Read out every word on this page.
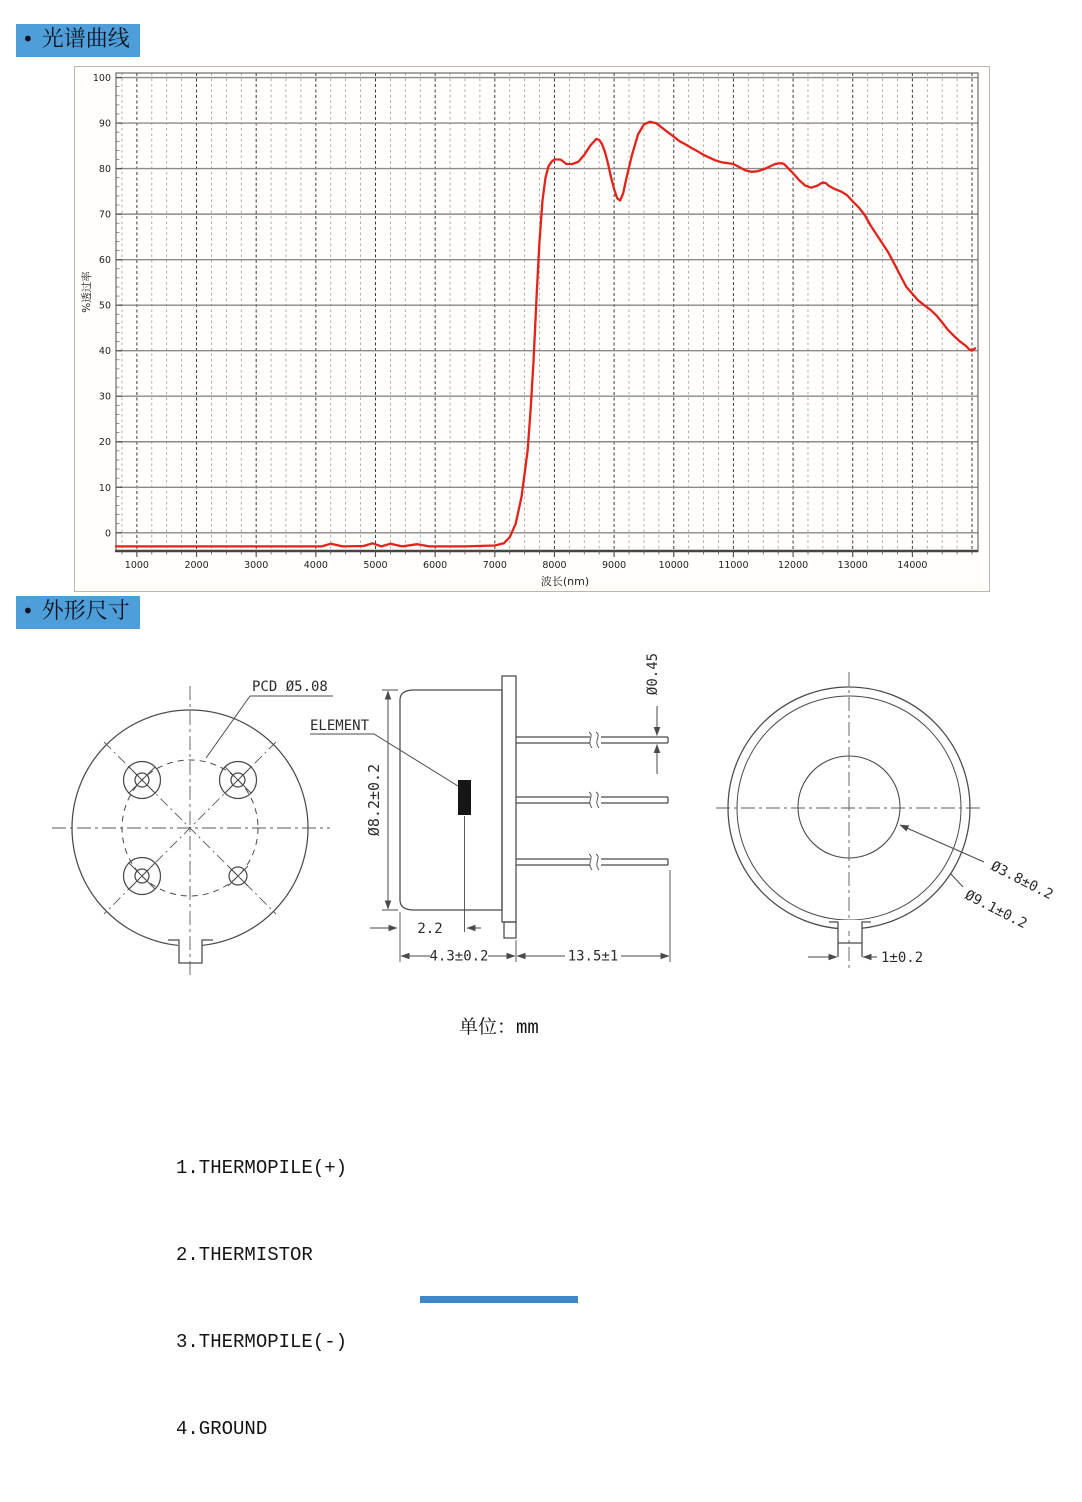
• 光谱曲线
1000	2000	3000	4000	5000	6000	7000	8000	9000	10000	11000	12000	13000	14000
0
10
20
30
40
50
60
70
80
90
100
波长(nm)
%透过率
• 外形尺寸
PCD Ø5.08
ELEMENT
Ø8.2±0.2
Ø0.45
2.2
4.3±0.2	13.5±1	1±0.2
Ø3.8±0.2
Ø9.1±0.2
单位：mm

1.THERMOPILE(+)

2.THERMISTOR

3.THERMOPILE(-)

4.GROUND
